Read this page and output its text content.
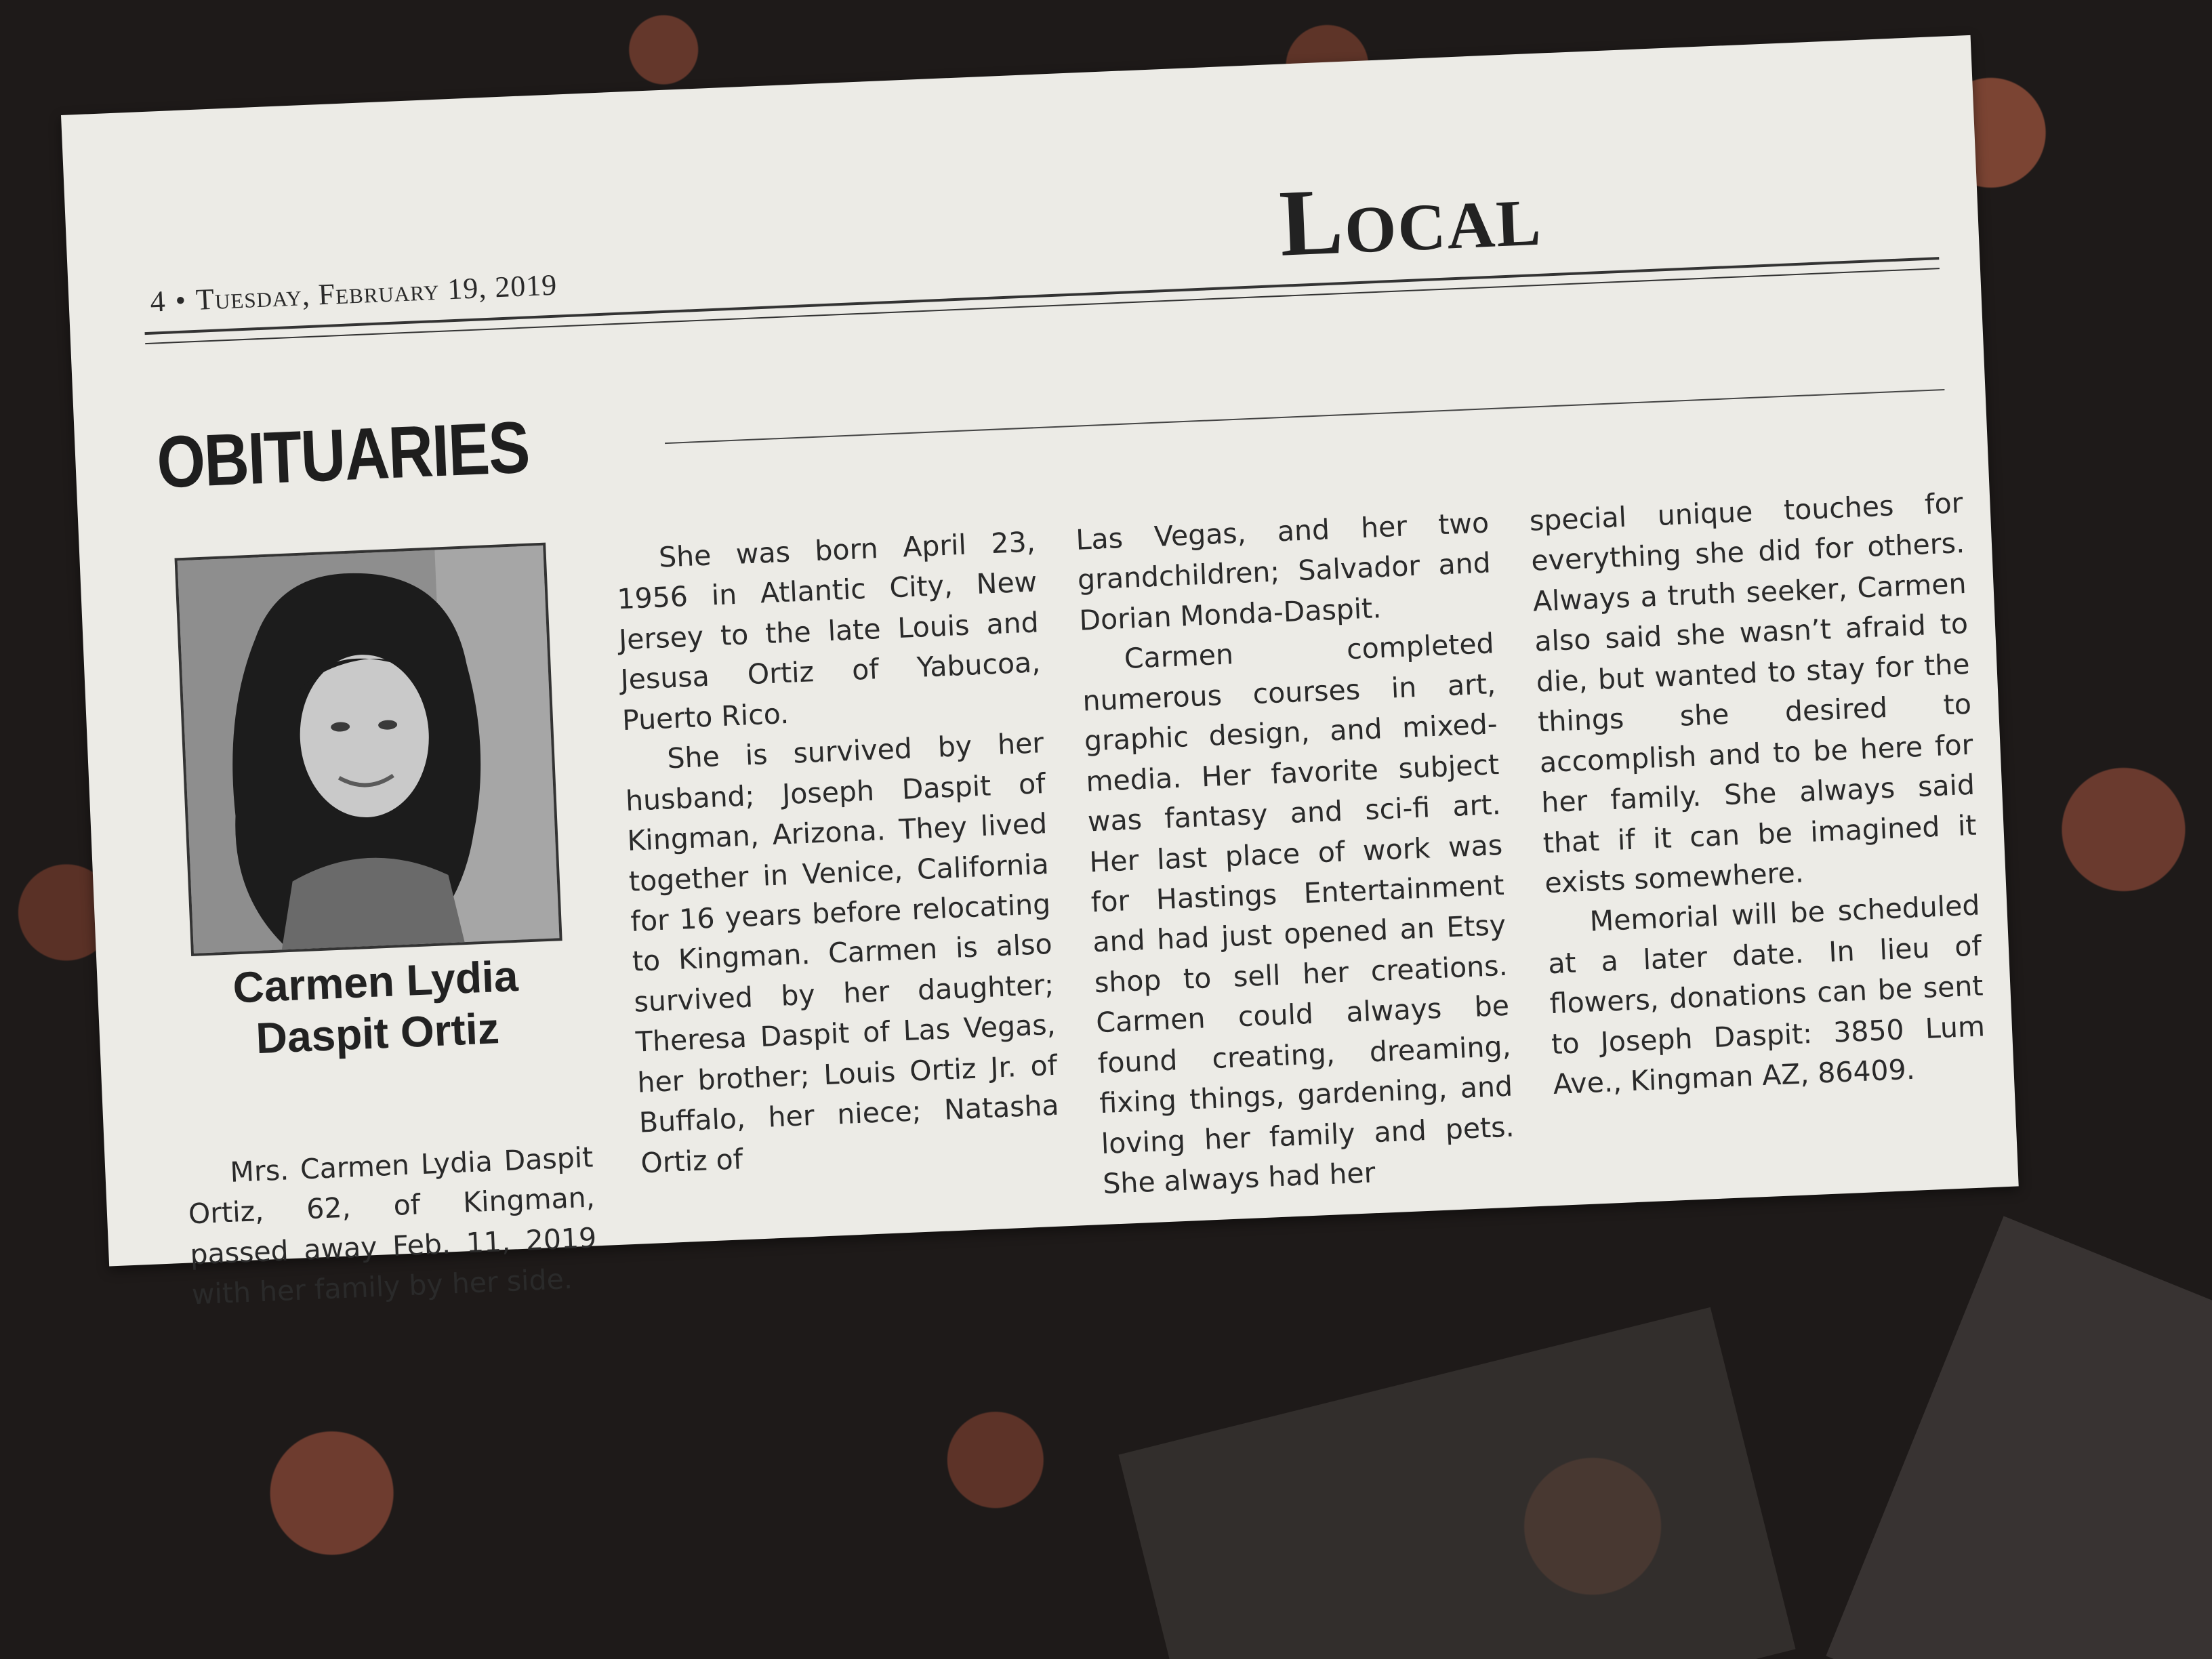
4 • Tuesday, February 19, 2019
Local
OBITUARIES
Carmen Lydia
Daspit Ortiz

Mrs. Carmen Lydia Daspit Ortiz, 62, of Kingman, passed away Feb. 11, 2019 with her family by her side.

She was born April 23, 1956 in Atlantic City, New Jersey to the late Louis and Jesusa Ortiz of Yabucoa, Puerto Rico.

She is survived by her husband; Joseph Daspit of Kingman, Arizona. They lived together in Venice, California for 16 years before relocating to Kingman. Carmen is also survived by her daughter; Theresa Daspit of Las Vegas, her brother; Louis Ortiz Jr. of Buffalo, her niece; Natasha Ortiz of

Las Vegas, and her two grandchildren; Salvador and Dorian Monda-Daspit.

Carmen completed numerous courses in art, graphic design, and mixed-media. Her favorite subject was fantasy and sci-fi art. Her last place of work was for Hastings Entertainment and had just opened an Etsy shop to sell her creations. Carmen could always be found creating, dreaming, fixing things, gardening, and loving her family and pets. She always had her

special unique touches for everything she did for others. Always a truth seeker, Carmen also said she wasn’t afraid to die, but wanted to stay for the things she desired to accomplish and to be here for her family. She always said that if it can be imagined it exists somewhere.

Memorial will be scheduled at a later date. In lieu of flowers, donations can be sent to Joseph Daspit: 3850 Lum Ave., Kingman AZ, 86409.
